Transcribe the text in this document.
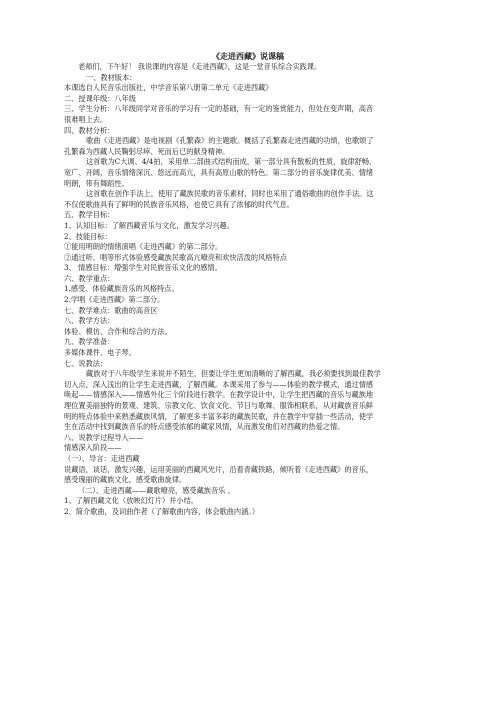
《走进西藏》说课稿
老师们，下午好！ 我说课的内容是《走进西藏》，这是一堂音乐综合实践课。
一、教材版本：
本课选自人民音乐出版社，中学音乐第八册第二单元《走进西藏》
二、授课年级：八年级
三、学生分析：八年级同学对音乐的学习有一定的基础，有一定的鉴赏能力，但处在变声期，高音
很难唱上去。
四、教材分析：
歌曲《走进西藏》是电视剧《孔繁森》的主题歌。概括了孔繁森走进西藏的功绩，也歌颂了
孔繁森为西藏人民鞠躬尽瘁、死而后已的献身精神。
这首歌为C大调、4/4拍，采用单二部曲式结构而成，第一部分具有散板的性质，旋律舒畅、
宽广、开阔，音乐情绪深沉、悠远而高亢，具有高原山歌的特色。第二部分的音乐旋律优美、情绪
明朗，带有舞蹈性。
这首歌在创作手法上，使用了藏族民歌的音乐素材，同时也采用了通俗歌曲的创作手法。这
不仅使歌曲具有了鲜明的民族音乐风格，也使它具有了浓郁的时代气息。
五、教学目标：
1、认知目标：了解西藏音乐与文化，激发学习兴趣。
2、技能目标：
①能用明朗的情绪演唱《走进西藏》的第二部分。
②通过听、唱等形式体验感受藏族民歌高亢嘹亮和欢快活泼的风格特点
3、 情感目标：增强学生对民族音乐文化的感情。
六、教学重点：
1.感受、体验藏族音乐的风格特点。
2.学唱《走进西藏》第二部分。
七、教学难点：歌曲的高音区
八、教学方法：
体验、模仿、合作和综合的方法。
九、教学准备：
多媒体课件、电子琴。
七、说教法：
藏族对于八年级学生来说并不陌生，但要让学生更加清晰的了解西藏，我必须要找到最佳教学
切入点，深入浅出的让学生走进西藏，了解西藏。本课采用了参与——体验的教学模式，通过情感
唤起——情感深入——情感外化三个阶段进行教学。在教学设计中，让学生把西藏的音乐与藏族地
理位置美丽独特的景观、建筑、宗教文化、饮食文化、节日与歌舞、服饰相联系，从对藏族音乐鲜
明的特点体验中来熟悉藏族风情，了解更多丰富多彩的藏族民歌，并在教学中穿插一些活动，使学
生在活动中找到藏族音乐的特点感受浓郁的藏家风情，从而激发他们对西藏的热爱之情。
八、说教学过程导入——
情感深入阶段——
（一）、导言：走进西藏
说藏语，谈话，激发兴趣，运用美丽的西藏风光片，沿着青藏铁路，倾听着《走进西藏》的音乐，
感受瑰丽的藏族文化，感受歌曲旋律。
（二）、走进西藏——藏歌嘹亮，感受藏族音乐 。
1、了解西藏文化（放映幻灯片）并小结。
2、简介歌曲，及词曲作者（了解歌曲内容，体会歌曲内涵。）
